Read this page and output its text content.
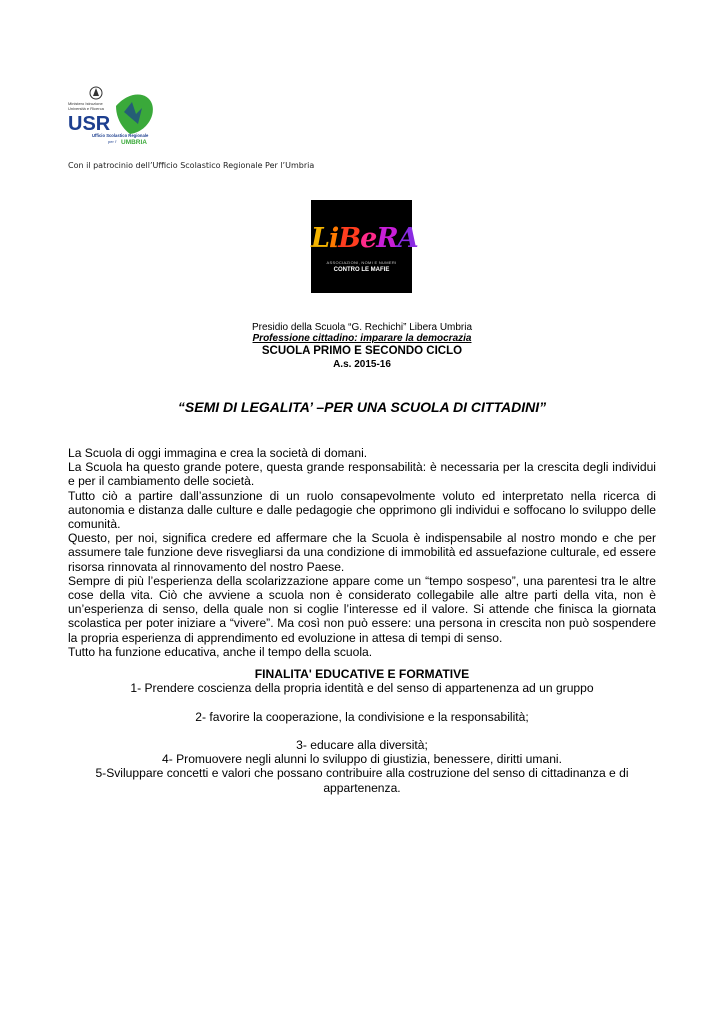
Ministero Istruzione
Università e Ricerca
USR
Ufficio Scolastico Regionale
per l' UMBRIA
Con il patrocinio dell’Ufficio Scolastico Regionale Per l’Umbria
LiBeRA
ASSOCIAZIONI, NOMI E NUMERI
CONTRO LE MAFIE
Presidio della Scuola “G. Rechichi” Libera Umbria
Professione cittadino: imparare la democrazia
SCUOLA PRIMO E SECONDO CICLO
A.s. 2015-16
“SEMI DI LEGALITA’ –PER UNA SCUOLA DI CITTADINI”

La Scuola di oggi immagina e crea la società di domani.

La Scuola ha questo grande potere, questa grande responsabilità: è necessaria per la crescita degli individui e per il cambiamento delle società.

Tutto ciò a partire dall’assunzione di un ruolo consapevolmente voluto ed interpretato nella ricerca di autonomia e distanza dalle culture e dalle pedagogie che opprimono gli individui e soffocano lo sviluppo delle comunità.

Questo, per noi, significa credere ed affermare che la Scuola è indispensabile al nostro mondo e che per assumere tale funzione deve risvegliarsi da una condizione di immobilità ed assuefazione culturale, ed essere risorsa rinnovata al rinnovamento del nostro Paese.

Sempre di più l’esperienza della scolarizzazione appare come un “tempo sospeso”, una parentesi tra le altre cose della vita. Ciò che avviene a scuola non è considerato collegabile alle altre parti della vita, non è un’esperienza di senso, della quale non si coglie l’interesse ed il valore. Si attende che finisca la giornata scolastica per poter iniziare a “vivere”. Ma così non può essere: una persona in crescita non può sospendere la propria esperienza di apprendimento ed evoluzione in attesa di tempi di senso.

Tutto ha funzione educativa, anche il tempo della scuola.

FINALITA' EDUCATIVE E FORMATIVE

1- Prendere coscienza della propria identità e del senso di appartenenza ad un gruppo

2- favorire la cooperazione, la condivisione e la responsabilità;

3- educare alla diversità;

4- Promuovere negli alunni lo sviluppo di giustizia, benessere, diritti umani.

5-Sviluppare concetti e valori che possano contribuire alla costruzione del senso di cittadinanza e di appartenenza.
